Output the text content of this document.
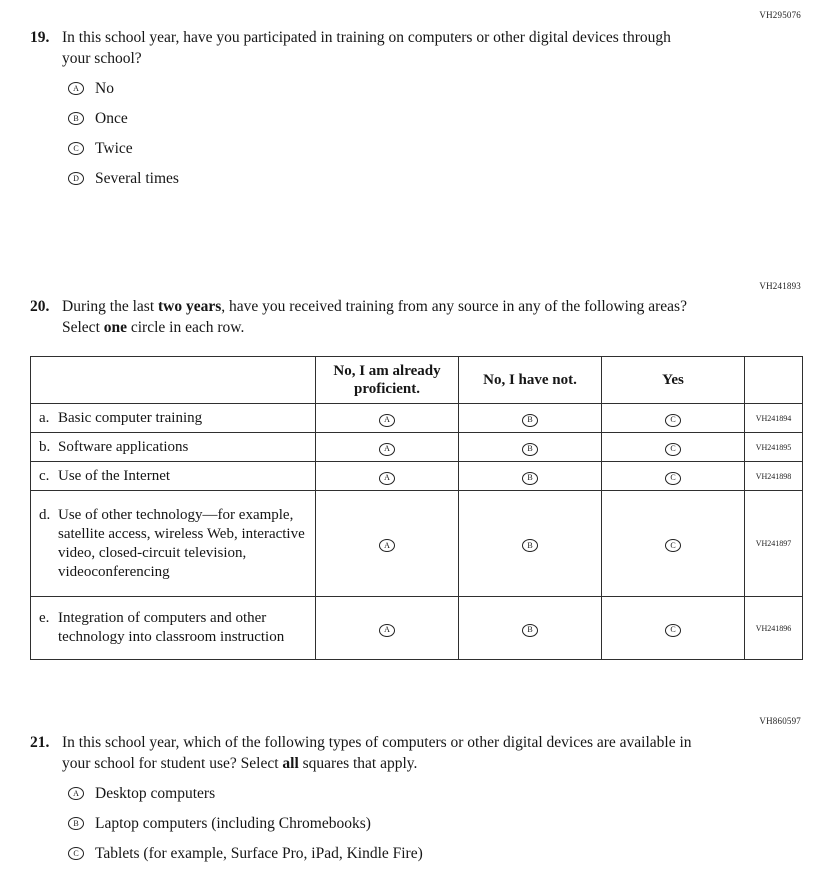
VH295076
VH241893
VH860597
19. In this school year, have you participated in training on computers or other digital devices through your school?

A No
B Once
C Twice
D Several times
20. During the last two years, have you received training from any source in any of the following areas? Select one circle in each row.

	No, I am already proficient.	No, I have not.	Yes	
a. Basic computer training	A	B	C	VH241894
b. Software applications	A	B	C	VH241895
c. Use of the Internet	A	B	C	VH241898
d. Use of other technology—for example, satellite access, wireless Web, interactive video, closed-circuit television, videoconferencing	A	B	C	VH241897
e. Integration of computers and other technology into classroom instruction	A	B	C	VH241896
21. In this school year, which of the following types of computers or other digital devices are available in your school for student use? Select all squares that apply.

A Desktop computers
B Laptop computers (including Chromebooks)
C Tablets (for example, Surface Pro, iPad, Kindle Fire)
